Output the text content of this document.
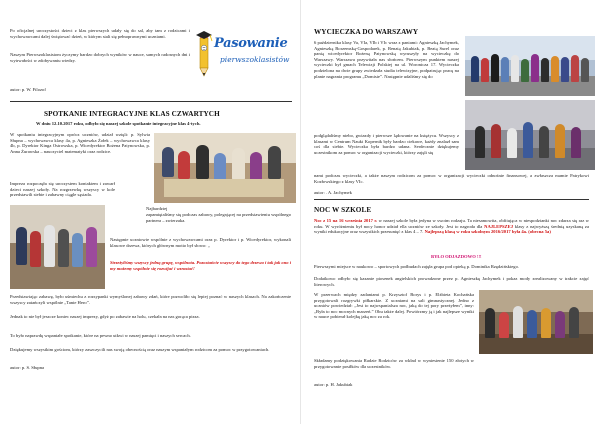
Po oficjalnej uroczystości dzieci z klas pierwszych udały się do sal, aby tam z rodzicami i wychowawcami dalej świętować dzień, w którym stali się pełnoprawnymi uczniami.
Naszym Pierwszoklasistom życzymy bardzo dobrych wyników w nauce, samych radosnych dni i wytrwałości w zdobywaniu wiedzy.
autor: p. W. Filozof
Pasowanie
pierwszoklasistów
SPOTKANIE INTEGRACYJNE KLAS CZWARTYCH
W dniu 12.10.2017 roku, odbyło się naszej szkole spotkanie integracyjne klas 4-tych.
W spotkaniu integracyjnym oprócz uczniów, udział wzięli: p. Sylwia Słupna – wychowawca klasy 4a, p. Agnieszka Żołek – wychowawca klasy 4b, p. Dyrektor Kinga Ostrowska, p. Wicedyrektor Bożena Patynowska, p. Anna Żurawska – nauczyciel matematyki oraz rodzice.
Impreza rozpoczęła się uroczystem kontaktem i zawarł dzieci naszej szkoły. Na rozgrzewkę wszyscy w kole przedstawili siebie i zabawny ciągle sąsiada.
Najbardziej
zapamiętaliśmy się podczas zabawy, polegającej na przedstawieniu wspólnego partnera – zwierzaka.
Następnie uczniowie wspólnie z wychowawcami oraz p. Dyrektor i p. Wicedyrektor, wykonali klasowe drzewa, których głównym motto był słowo: „
Strzeżyliśmy wszyscy jedną grupę, wspólnota. Pozostańcie wszyscy do tego drzewa i tak jak ono i my możemy wspólnie się rozwijać i wzrastać!
Przedstawiając zabawę, było uśmiechu z rozsypanki wymyślonej zabawy zdań, które pozwoliło się lepiej poznać w naszych klasach. Na zakończenie wszyscy zatańczyli wspólnie „Tanie Hero”.
Jednak to nie był jeszcze koniec naszej imprezy, gdyż po zabawie na holu, czekała na nas gorąca pizza.
To było naprawdę wspaniałe spotkanie, które na pewno utkwi w naszej pamięci i naszych sercach.
Dziękujemy wszystkim gościom, którzy zaszczycili nas swoją obecnością oraz naszym wspaniałym rodzicom za pomoc w przygotowaniach.
autor: p. S. Słupna
WYCIECZKA DO WARSZAWY
6 października klasy Va, VIa, VIb i VIc wraz z paniami: Agnieszką Jachymek, Agnieszką Borzemską-Gospodarek, p. Renatą Jakubiak, p. Beatą Surel oraz panią wicedyrektor Bożeną Patynowską wyruszyły na wycieczkę do Warszawy. Warszawa przywitała nas słońcem. Pierwszym punktem naszej wycieczki był gmach Telewizji Polskiej na ul. Woronicza 17. Wycieczka podzielona na dwie grupy zwiedzała studia telewizyjne, podpatrując pracę na planie nagrania programu „Domisie”. Następnie udaliśmy się do
podglądaliśmy niebo, gwiazdy i pierwsze lądowanie na księżycu. Wszyscy z klasami w Centrum Nauki Kopernik były bardzo ciekawe, każdy znalazł sam coś dla siebie. Wycieczka była bardzo udana. Serdecznie dziękujemy uczestnikom za pomoc w organizacji wycieczki, którzy zajęli się
nami podczas wycieczki, a także naszym rodzicom za pomoc w organizacji wycieczki odnośnie finansowej, a zwłaszcza mamie Patrykowi Kozłowskiego z klasy VIc.
autor: . A. Jachymek
NOC W SZKOLE
Noc z 15 na 16 września 2017 r. w naszej szkole była jedyna w swoim rodzaju. Ta niesamowita, obfitująca w niespodzianki noc zdarza się raz w roku. W wyróżnieniu był nocy honor udział ella uczniów ze szkoły. Jest to nagroda dla NAJLEPSZEJ klasy z najwyższą średnią uzyskaną za wyniki edukacyjne oraz wszystkich przesunięć z klas 4 – 7. Najlepszą klasą w roku szkolnym 2016/2017 była 4a. (obecna 5a)
BYŁO ODJAZDOWO !!!
Pierwszymi miejsce w naukowo – sportowych podbudach zajęła grupa pod opieką p. Dominika Rzędzińskiego.
Dodatkowo odbyło się kazanie piosenek angielskich prowadzone przez p. Agnieszkę Jachymek i pokaz mody zrealizowany w trakcie zajęć literowych.
W przerwach między zadaniami p. Krzysztof Borys i p. Elżbieta Kochańska przygotowali rozgrywki piłkarskie. Z uczniami na sali gimnastycznej. Jedno z uczniów powiedział: „Jest to najwspanialsza noc, jaką do tej pory przeżyłem”, inny: „Była to noc mocnych marzeń.” Obu także dalej. Powtórzmy ją i jak najlepsze wyniki w nauce pobierał kolejkę jaką noc za rok.
Składamy podziękowania Radzie Rodziców za wkład w wyniesienie 150 złotych w przygotowanie posiłków dla uczestników.
autor: p. H. Jakubiak
